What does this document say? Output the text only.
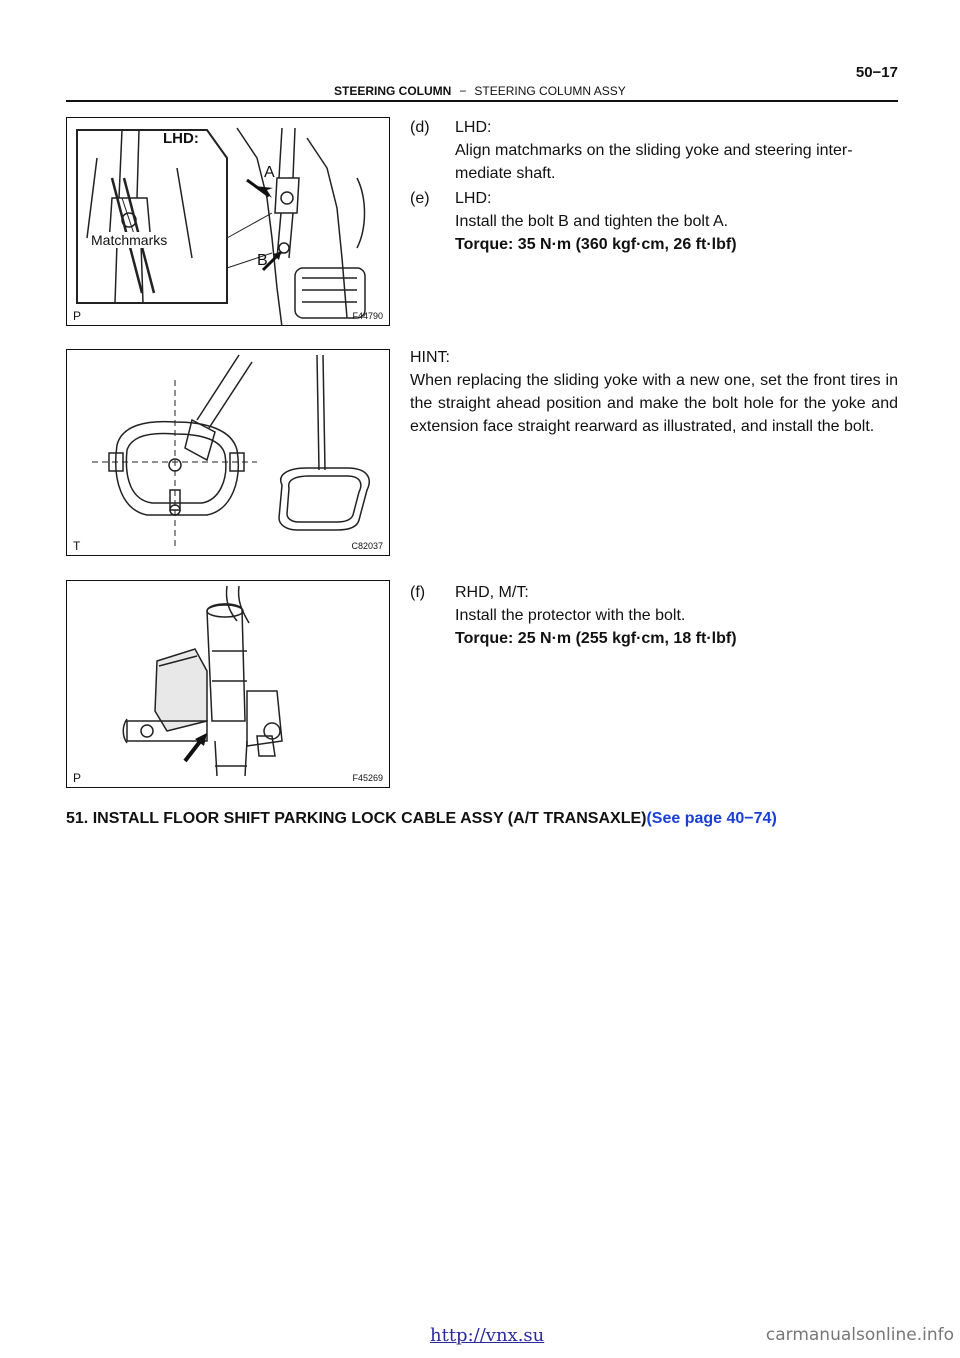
50−17
STEERING COLUMN − STEERING COLUMN ASSY
LHD:
A
B
Matchmarks
P	F44790
T	C82037
P	F45269
(d) LHD:
Align matchmarks on the sliding yoke and steering inter-mediate shaft.
(e) LHD:
Install the bolt B and tighten the bolt A.
Torque: 35 N·m (360 kgf·cm, 26 ft·lbf)
HINT:
When replacing the sliding yoke with a new one, set the front tires in the straight ahead position and make the bolt hole for the yoke and extension face straight rearward as illustrated, and install the bolt.
(f) RHD, M/T:
Install the protector with the bolt.
Torque: 25 N·m (255 kgf·cm, 18 ft·lbf)
51. INSTALL FLOOR SHIFT PARKING LOCK CABLE ASSY (A/T TRANSAXLE)(See page 40−74)
http://vnx.su	carmanualsonline.info
